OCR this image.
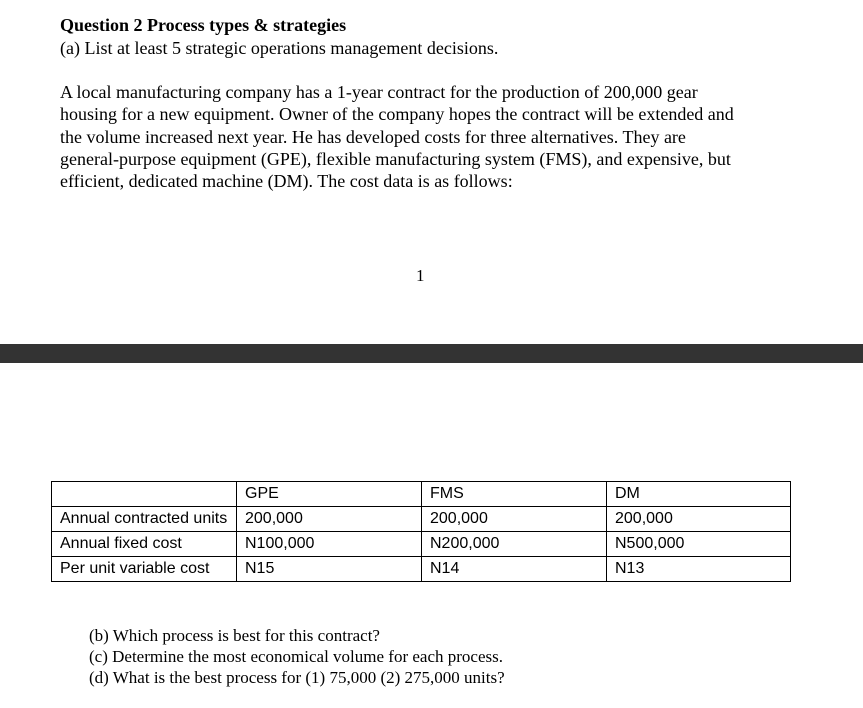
Question 2 Process types & strategies

(a) List at least 5 strategic operations management decisions.

A local manufacturing company has a 1-year contract for the production of 200,000 gear
housing for a new equipment. Owner of the company hopes the contract will be extended and
the volume increased next year. He has developed costs for three alternatives. They are
general-purpose equipment (GPE), flexible manufacturing system (FMS), and expensive, but
efficient, dedicated machine (DM). The cost data is as follows:

1

	GPE	FMS	DM
Annual contracted units	200,000	200,000	200,000
Annual fixed cost	N100,000	N200,000	N500,000
Per unit variable cost	N15	N14	N13
(b) Which process is best for this contract?
(c) Determine the most economical volume for each process.
(d) What is the best process for (1) 75,000 (2) 275,000 units?
